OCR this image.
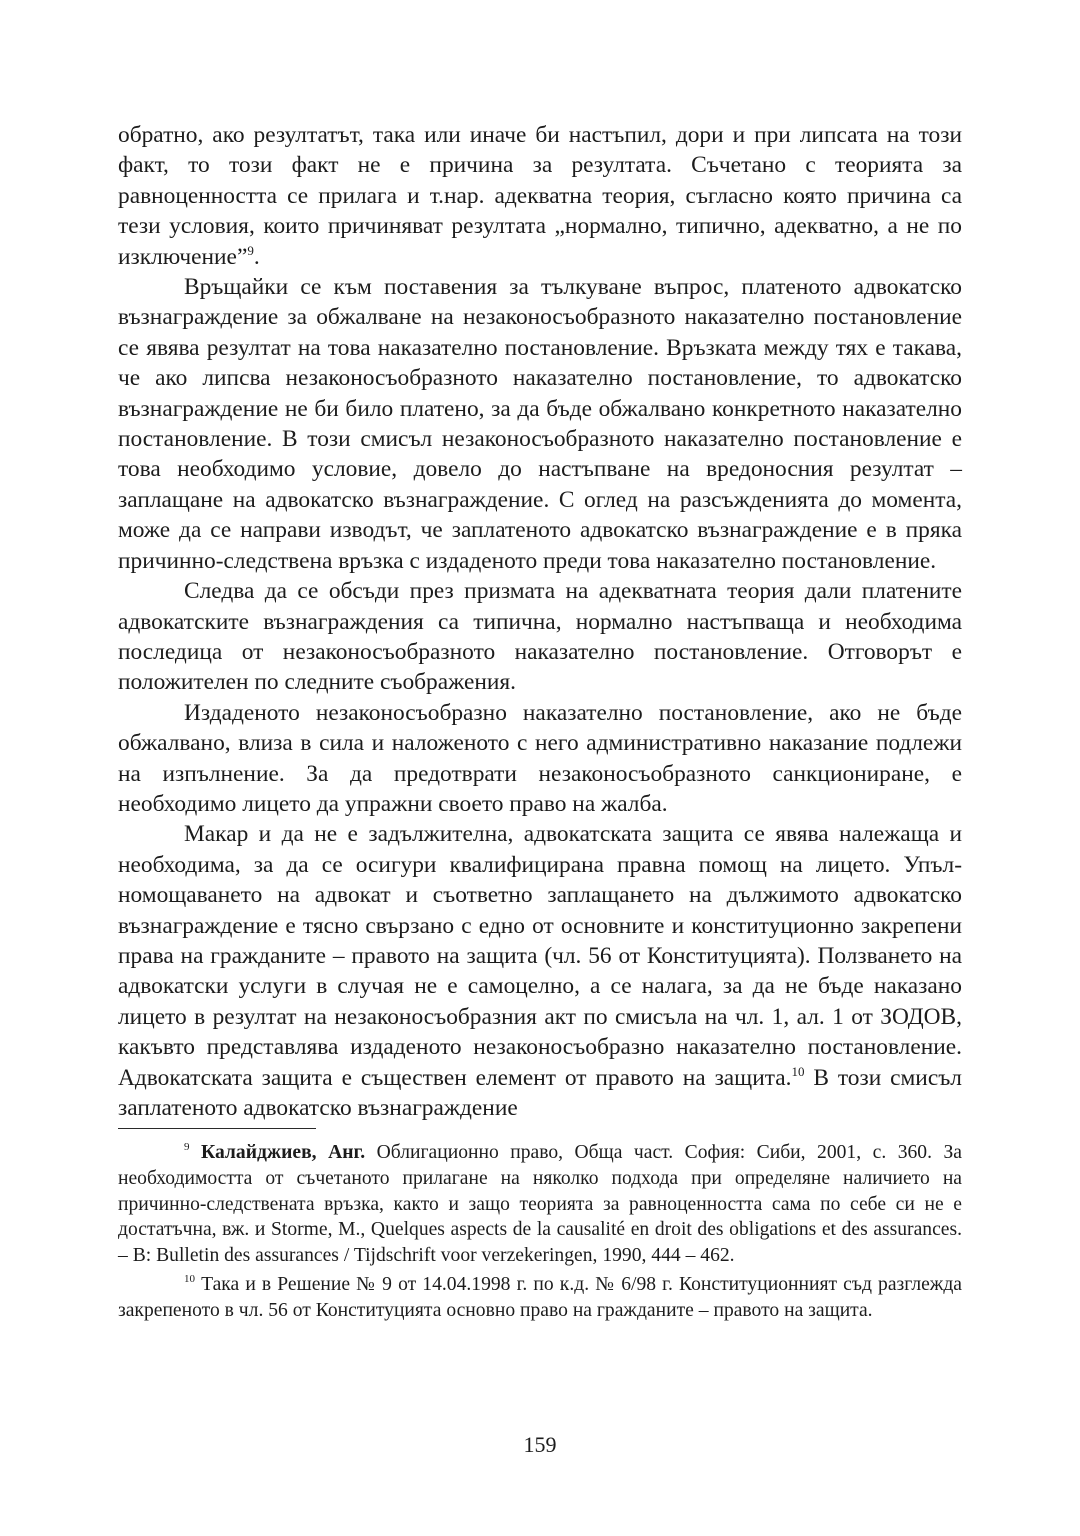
обратно, ако резултатът, така или иначе би настъпил, дори и при липсата на този факт, то този факт не е причина за резултата. Съчетано с теорията за равноценността се прилага и т.нар. адекватна теория, съгласно която причина са тези условия, които причиняват резултата „нормално, типично, адекватно, а не по изключение”$^9$.

Връщайки се към поставения за тълкуване въпрос, платеното адвокатско възнаграждение за обжалване на незаконосъобразното наказателно постановление се явява резултат на това наказателно постановление. Връзката между тях е такава, че ако липсва незаконосъобразното наказателно постановление, то адвокатско възнаграждение не би било платено, за да бъде обжалвано конкретното наказателно постановление. В този смисъл незаконосъобразното наказателно постановление е това необходимо условие, довело до настъпване на вредоносния резултат – заплащане на адвокатско възнаграждение. С оглед на разсъжденията до момента, може да се направи изводът, че заплатеното адвокатско възнаграждение е в пряка причинно-следствена връзка с издаденото преди това наказателно постановление.

Следва да се обсъди през призмата на адекватната теория дали платените адвокатските възнаграждения са типична, нормално настъпваща и необходима последица от незаконосъобразното наказателно постановление. Отговорът е положителен по следните съображения.

Издаденото незаконосъобразно наказателно постановление, ако не бъде обжалвано, влиза в сила и наложеното с него административно наказание подлежи на изпълнение. За да предотврати незаконосъобразното санкциониране, е необходимо лицето да упражни своето право на жалба.

Макар и да не е задължителна, адвокатската защита се явява належаща и необходима, за да се осигури квалифицирана правна помощ на лицето. Упълномощаването на адвокат и съответно заплащането на дължимото адвокатско възнаграждение е тясно свързано с едно от основните и конституционно закрепени права на гражданите – правото на защита (чл. 56 от Конституцията). Ползването на адвокатски услуги в случая не е самоцелно, а се налага, за да не бъде наказано лицето в резултат на незаконосъобразния акт по смисъла на чл. 1, ал. 1 от ЗОДОВ, какъвто представлява издаденото незаконосъобразно наказателно постановление. Адвокатската защита е съществен елемент от правото на защита.$^{10}$ В този смисъл заплатеното адвокатско възнаграждение

$^9$ Калайджиев, Анг. Облигационно право, Обща част. София: Сиби, 2001, с. 360. За необходимостта от съчетаното прилагане на няколко подхода при определяне наличието на причинно-следствената връзка, както и защо теорията за равноценността сама по себе си не е достатъчна, вж. и Storme, M., Quelques aspects de la causalité en droit des obligations et des assurances. – В: Bulletin des assurances / Tijdschrift voor verzekeringen, 1990, 444 – 462.

$^{10}$ Така и в Решение № 9 от 14.04.1998 г. по к.д. № 6/98 г. Конституционният съд разглежда закрепеното в чл. 56 от Конституцията основно право на гражданите – правото на защита.

159
